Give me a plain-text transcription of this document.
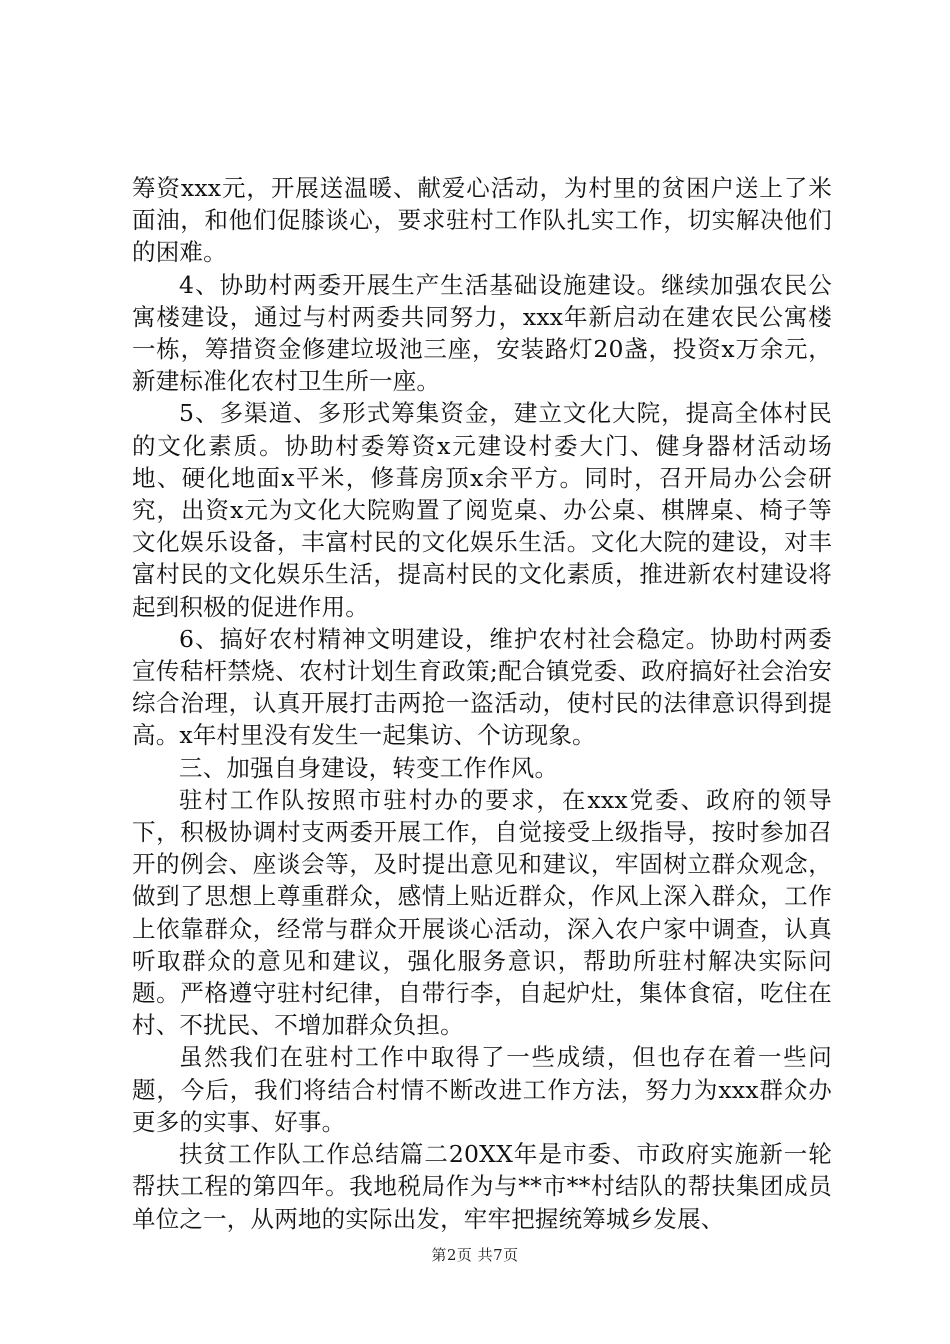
筹资xxx元，开展送温暖、献爱心活动，为村里的贫困户送上了米面油，和他们促膝谈心，要求驻村工作队扎实工作，切实解决他们的困难。

4、协助村两委开展生产生活基础设施建设。继续加强农民公寓楼建设，通过与村两委共同努力，xxx年新启动在建农民公寓楼一栋，筹措资金修建垃圾池三座，安装路灯20盏，投资x万余元，新建标准化农村卫生所一座。

5、多渠道、多形式筹集资金，建立文化大院，提高全体村民的文化素质。协助村委筹资x元建设村委大门、健身器材活动场地、硬化地面x平米，修葺房顶x余平方。同时，召开局办公会研究，出资x元为文化大院购置了阅览桌、办公桌、棋牌桌、椅子等文化娱乐设备，丰富村民的文化娱乐生活。文化大院的建设，对丰富村民的文化娱乐生活，提高村民的文化素质，推进新农村建设将起到积极的促进作用。

6、搞好农村精神文明建设，维护农村社会稳定。协助村两委宣传秸杆禁烧、农村计划生育政策;配合镇党委、政府搞好社会治安综合治理，认真开展打击两抢一盗活动，使村民的法律意识得到提高。x年村里没有发生一起集访、个访现象。

三、加强自身建设，转变工作作风。

驻村工作队按照市驻村办的要求，在xxx党委、政府的领导下，积极协调村支两委开展工作，自觉接受上级指导，按时参加召开的例会、座谈会等，及时提出意见和建议，牢固树立群众观念，做到了思想上尊重群众，感情上贴近群众，作风上深入群众，工作上依靠群众，经常与群众开展谈心活动，深入农户家中调查，认真听取群众的意见和建议，强化服务意识，帮助所驻村解决实际问题。严格遵守驻村纪律，自带行李，自起炉灶，集体食宿，吃住在村、不扰民、不增加群众负担。

虽然我们在驻村工作中取得了一些成绩，但也存在着一些问题，今后，我们将结合村情不断改进工作方法，努力为xxx群众办更多的实事、好事。

扶贫工作队工作总结篇二20XX年是市委、市政府实施新一轮帮扶工程的第四年。我地税局作为与**市**村结队的帮扶集团成员单位之一，从两地的实际出发，牢牢把握统筹城乡发展、

第2页 共7页
